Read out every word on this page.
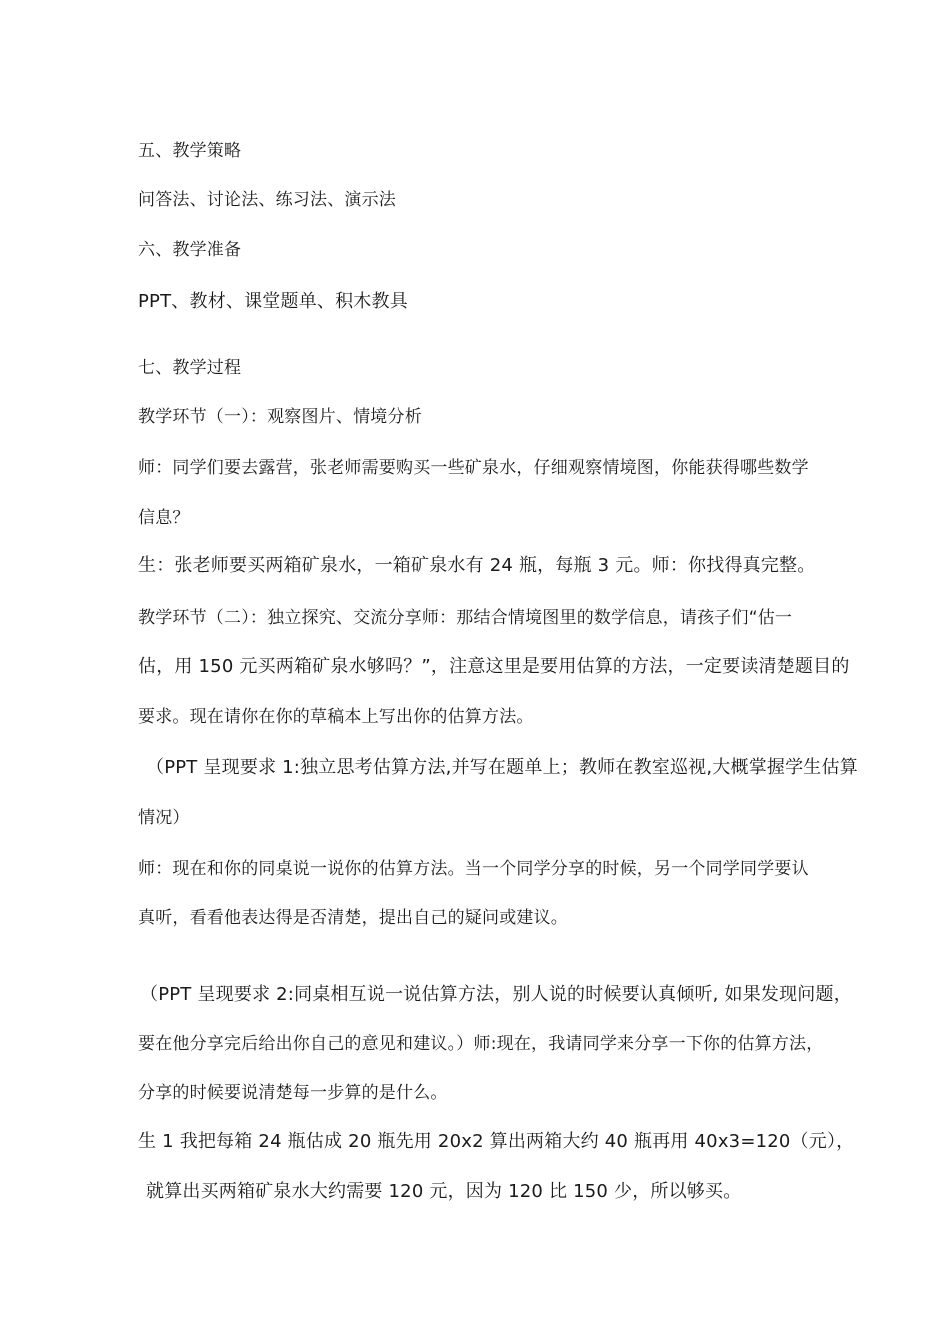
五、教学策略
问答法、讨论法、练习法、演示法
六、教学准备
PPT、教材、课堂题单、积木教具
七、教学过程
教学环节（一）：观察图片、情境分析
师：同学们要去露营，张老师需要购买一些矿泉水，仔细观察情境图，你能获得哪些数学
信息？
生：张老师要买两箱矿泉水，一箱矿泉水有 24 瓶，每瓶 3 元。师：你找得真完整。
教学环节（二）：独立探究、交流分享师：那结合情境图里的数学信息，请孩子们“估一
估，用 150 元买两箱矿泉水够吗？”，注意这里是要用估算的方法，一定要读清楚题目的
要求。现在请你在你的草稿本上写出你的估算方法。
（PPT 呈现要求 1:独立思考估算方法,并写在题单上；教师在教室巡视,大概掌握学生估算
情况）
师：现在和你的同桌说一说你的估算方法。当一个同学分享的时候，另一个同学同学要认
真听，看看他表达得是否清楚，提出自己的疑问或建议。
（PPT 呈现要求 2:同桌相互说一说估算方法，别人说的时候要认真倾听, 如果发现问题，
要在他分享完后给出你自己的意见和建议。）师:现在，我请同学来分享一下你的估算方法，
分享的时候要说清楚每一步算的是什么。
生 1 我把每箱 24 瓶估成 20 瓶先用 20x2 算出两箱大约 40 瓶再用 40x3=120（元），
就算出买两箱矿泉水大约需要 120 元，因为 120 比 150 少，所以够买。
